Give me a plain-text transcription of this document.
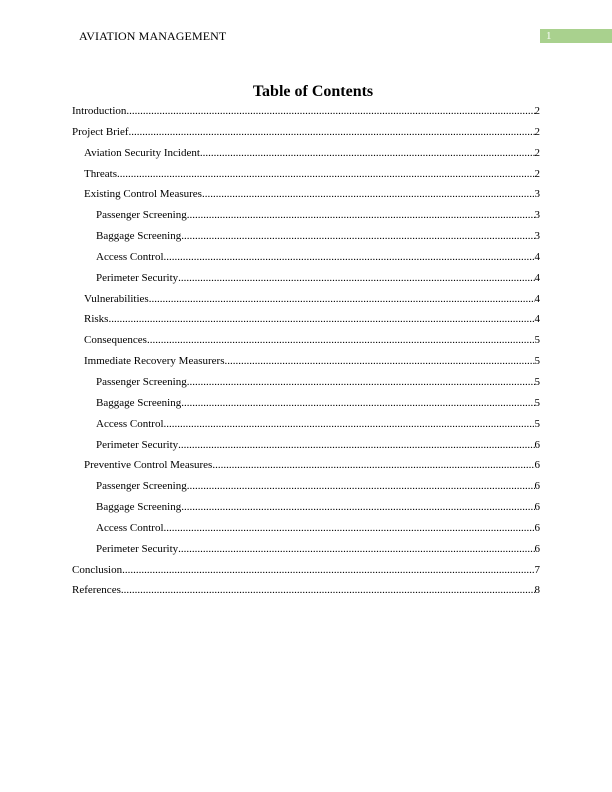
AVIATION MANAGEMENT	1
Table of Contents
Introduction .....	2
Project Brief .....	2
Aviation Security Incident .....	2
Threats .....	2
Existing Control Measures .....	3
Passenger Screening .....	3
Baggage Screening .....	3
Access Control .....	4
Perimeter Security .....	4
Vulnerabilities .....	4
Risks .....	4
Consequences .....	5
Immediate Recovery Measurers .....	5
Passenger Screening .....	5
Baggage Screening .....	5
Access Control .....	5
Perimeter Security .....	6
Preventive Control Measures .....	6
Passenger Screening .....	6
Baggage Screening .....	6
Access Control .....	6
Perimeter Security .....	6
Conclusion .....	7
References .....	8
